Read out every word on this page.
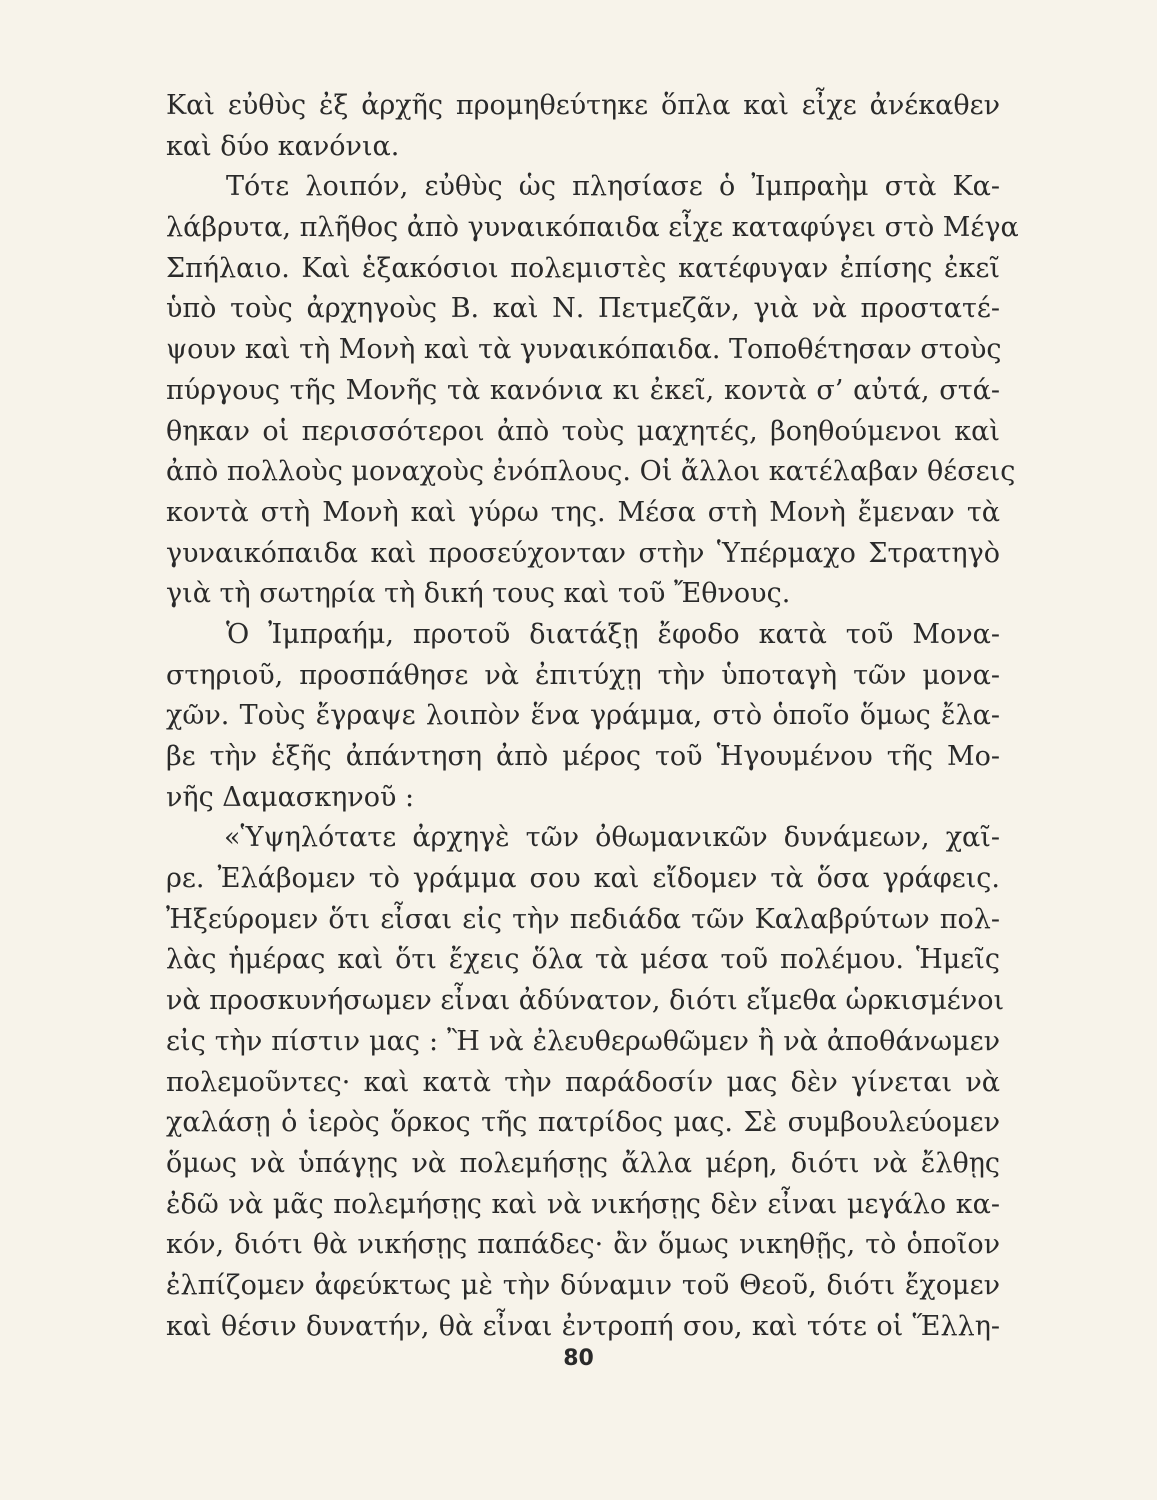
Καὶ εὐθὺς ἐξ ἀρχῆς προμηθεύτηκε ὅπλα καὶ εἶχε ἀνέκαθεν
καὶ δύο κανόνια.
Τότε λοιπόν, εὐθὺς ὡς πλησίασε ὁ Ἰμπραὴμ στὰ Κα-
λάβρυτα, πλῆθος ἀπὸ γυναικόπαιδα εἶχε καταφύγει στὸ Μέγα
Σπήλαιο. Καὶ ἑξακόσιοι πολεμιστὲς κατέφυγαν ἐπίσης ἐκεῖ
ὑπὸ τοὺς ἀρχηγοὺς Β. καὶ Ν. Πετμεζᾶν, γιὰ νὰ προστατέ-
ψουν καὶ τὴ Μονὴ καὶ τὰ γυναικόπαιδα. Τοποθέτησαν στοὺς
πύργους τῆς Μονῆς τὰ κανόνια κι ἐκεῖ, κοντὰ σ’ αὐτά, στά-
θηκαν οἱ περισσότεροι ἀπὸ τοὺς μαχητές, βοηθούμενοι καὶ
ἀπὸ πολλοὺς μοναχοὺς ἐνόπλους. Οἱ ἄλλοι κατέλαβαν θέσεις
κοντὰ στὴ Μονὴ καὶ γύρω της. Μέσα στὴ Μονὴ ἔμεναν τὰ
γυναικόπαιδα καὶ προσεύχονταν στὴν Ὑπέρμαχο Στρατηγὸ
γιὰ τὴ σωτηρία τὴ δική τους καὶ τοῦ Ἔθνους.
Ὁ Ἰμπραήμ, προτοῦ διατάξῃ ἔφοδο κατὰ τοῦ Μονα-
στηριοῦ, προσπάθησε νὰ ἐπιτύχῃ τὴν ὑποταγὴ τῶν μονα-
χῶν. Τοὺς ἔγραψε λοιπὸν ἕνα γράμμα, στὸ ὁποῖο ὅμως ἔλα-
βε τὴν ἑξῆς ἀπάντηση ἀπὸ μέρος τοῦ Ἡγουμένου τῆς Μο-
νῆς Δαμασκηνοῦ :
«Ὑψηλότατε ἀρχηγὲ τῶν ὀθωμανικῶν δυνάμεων, χαῖ-
ρε. Ἐλάβομεν τὸ γράμμα σου καὶ εἴδομεν τὰ ὅσα γράφεις.
Ἠξεύρομεν ὅτι εἶσαι εἰς τὴν πεδιάδα τῶν Καλαβρύτων πολ-
λὰς ἡμέρας καὶ ὅτι ἔχεις ὅλα τὰ μέσα τοῦ πολέμου. Ἡμεῖς
νὰ προσκυνήσωμεν εἶναι ἀδύνατον, διότι εἴμεθα ὡρκισμένοι
εἰς τὴν πίστιν μας : Ἢ νὰ ἐλευθερωθῶμεν ἢ νὰ ἀποθάνωμεν
πολεμοῦντες· καὶ κατὰ τὴν παράδοσίν μας δὲν γίνεται νὰ
χαλάσῃ ὁ ἱερὸς ὅρκος τῆς πατρίδος μας. Σὲ συμβουλεύομεν
ὅμως νὰ ὑπάγῃς νὰ πολεμήσῃς ἄλλα μέρη, διότι νὰ ἔλθῃς
ἐδῶ νὰ μᾶς πολεμήσῃς καὶ νὰ νικήσῃς δὲν εἶναι μεγάλο κα-
κόν, διότι θὰ νικήσῃς παπάδες· ἂν ὅμως νικηθῇς, τὸ ὁποῖον
ἐλπίζομεν ἀφεύκτως μὲ τὴν δύναμιν τοῦ Θεοῦ, διότι ἔχομεν
καὶ θέσιν δυνατήν, θὰ εἶναι ἐντροπή σου, καὶ τότε οἱ Ἕλλη-
80
